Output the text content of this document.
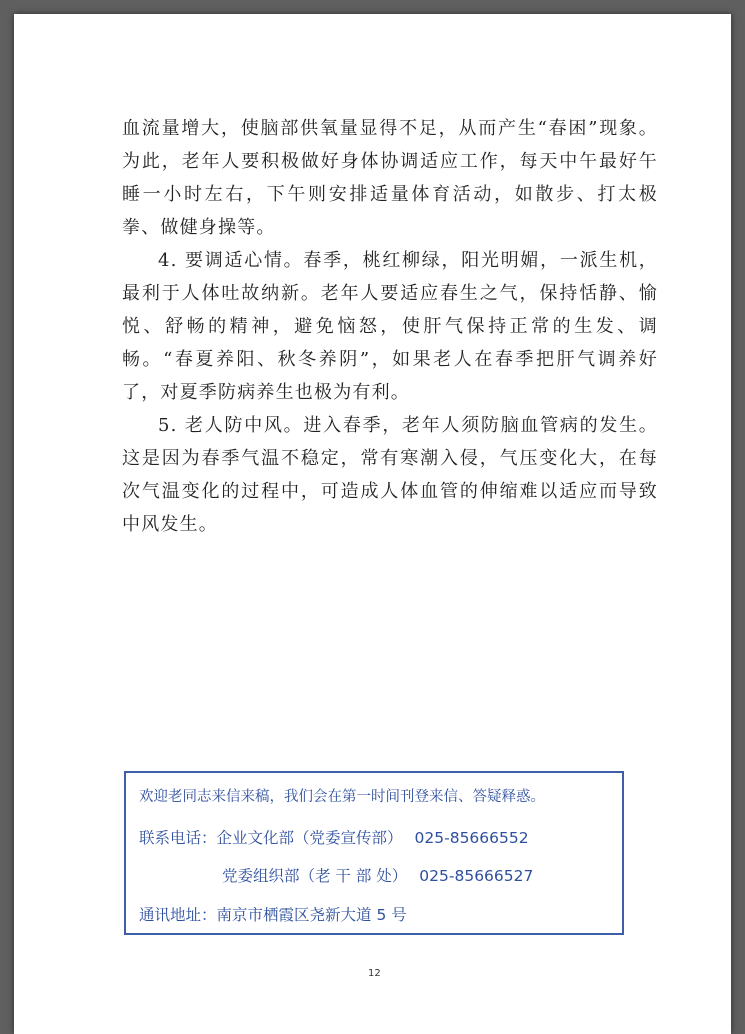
血流量增大，使脑部供氧量显得不足，从而产生“春困”现象。为此，老年人要积极做好身体协调适应工作，每天中午最好午睡一小时左右，下午则安排适量体育活动，如散步、打太极拳、做健身操等。

4. 要调适心情。春季，桃红柳绿，阳光明媚，一派生机，最利于人体吐故纳新。老年人要适应春生之气，保持恬静、愉悦、舒畅的精神，避免恼怒，使肝气保持正常的生发、调畅。“春夏养阳、秋冬养阴”，如果老人在春季把肝气调养好了，对夏季防病养生也极为有利。

5. 老人防中风。进入春季，老年人须防脑血管病的发生。这是因为春季气温不稳定，常有寒潮入侵，气压变化大，在每次气温变化的过程中，可造成人体血管的伸缩难以适应而导致中风发生。

欢迎老同志来信来稿，我们会在第一时间刊登来信、答疑释惑。
联系电话：企业文化部（党委宣传部） 025-85666552
党委组织部（老 干 部 处） 025-85666527
通讯地址：南京市栖霞区尧新大道 5 号
12
